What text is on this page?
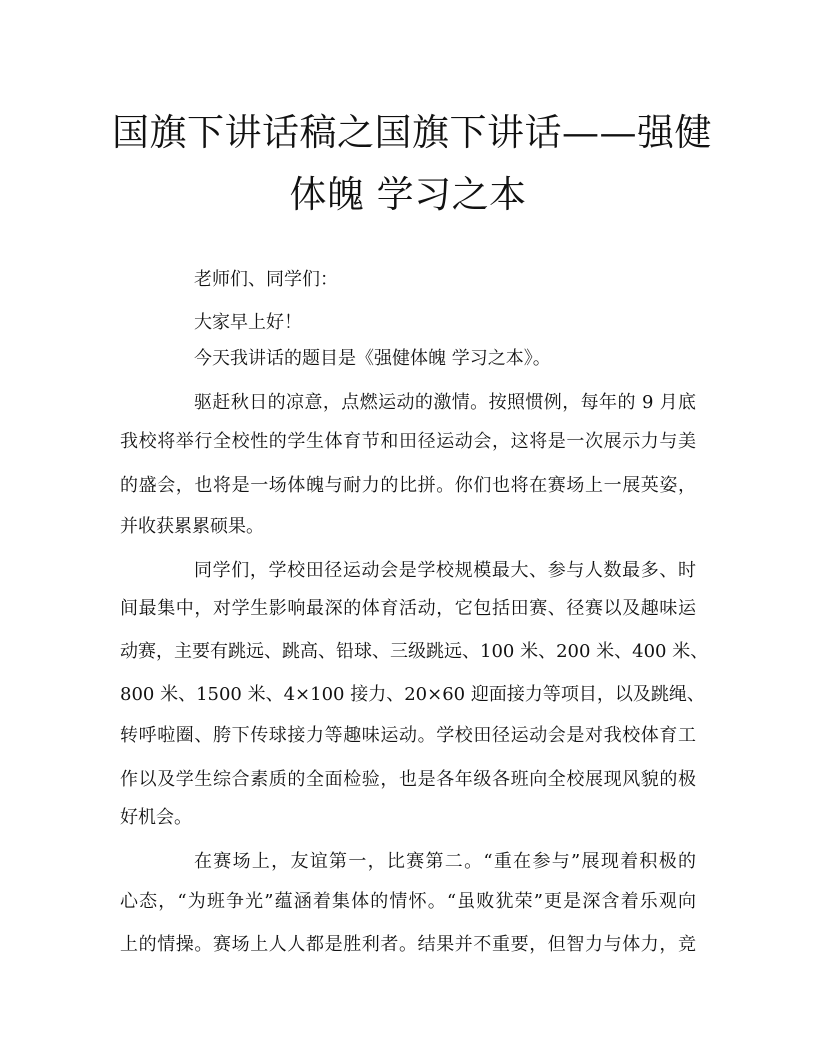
国旗下讲话稿之国旗下讲话——强健
体魄 学习之本

老师们、同学们：

大家早上好！

今天我讲话的题目是《强健体魄 学习之本》。

驱赶秋日的凉意，点燃运动的激情。按照惯例，每年的 9 月底

我校将举行全校性的学生体育节和田径运动会，这将是一次展示力与美

的盛会，也将是一场体魄与耐力的比拼。你们也将在赛场上一展英姿，

并收获累累硕果。

同学们，学校田径运动会是学校规模最大、参与人数最多、时

间最集中，对学生影响最深的体育活动，它包括田赛、径赛以及趣味运

动赛，主要有跳远、跳高、铅球、三级跳远、100 米、200 米、400 米、

800 米、1500 米、4×100 接力、20×60 迎面接力等项目，以及跳绳、

转呼啦圈、胯下传球接力等趣味运动。学校田径运动会是对我校体育工

作以及学生综合素质的全面检验，也是各年级各班向全校展现风貌的极

好机会。

在赛场上，友谊第一，比赛第二。“重在参与”展现着积极的

心态，“为班争光”蕴涵着集体的情怀。“虽败犹荣”更是深含着乐观向

上的情操。赛场上人人都是胜利者。结果并不重要，但智力与体力，竞
